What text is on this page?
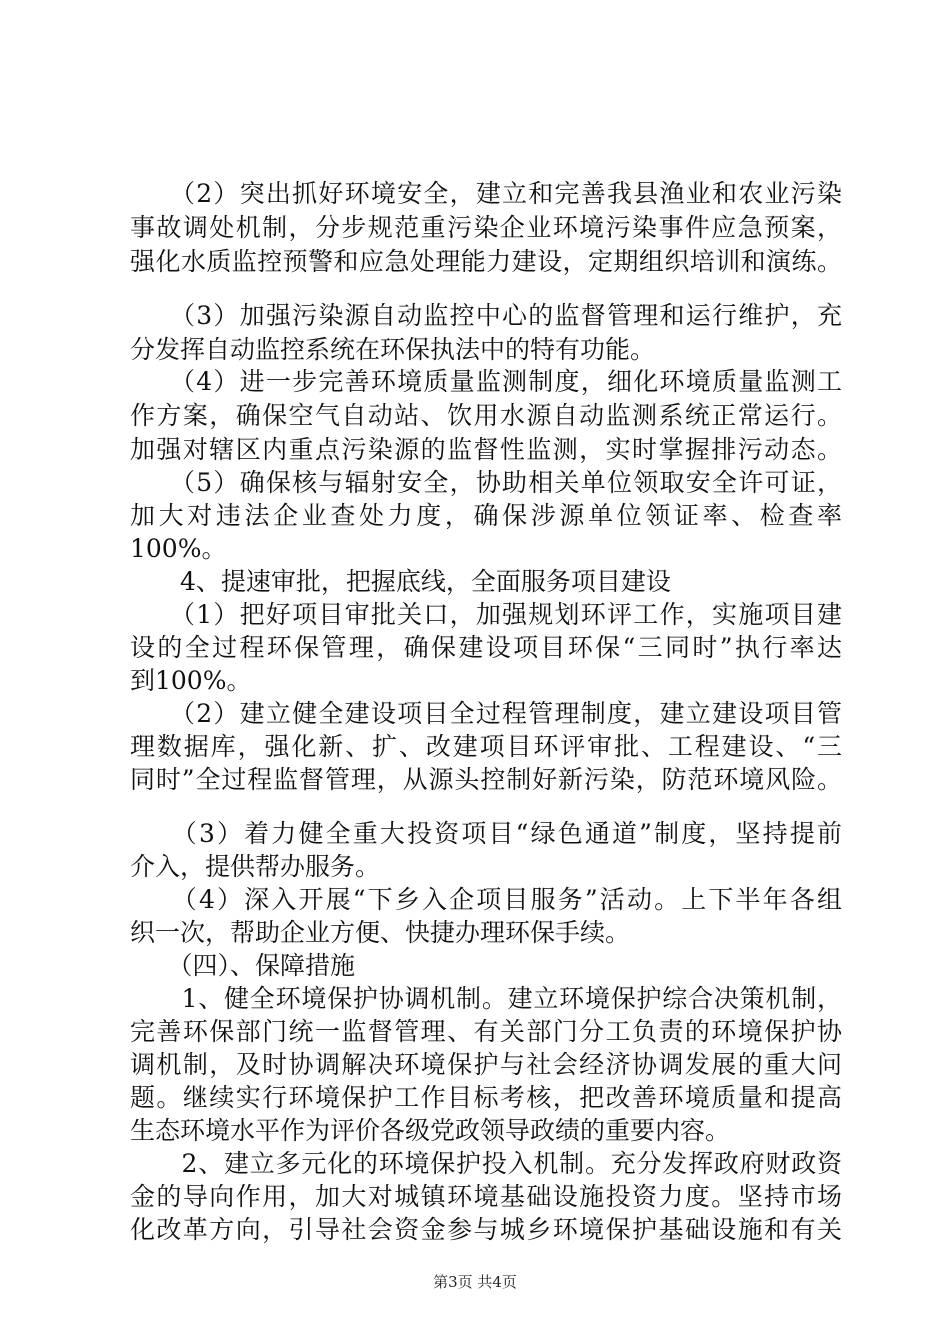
　　（2）突出抓好环境安全，建立和完善我县渔业和农业污染
事故调处机制，分步规范重污染企业环境污染事件应急预案，
强化水质监控预警和应急处理能力建设，定期组织培训和演练。
　　（3）加强污染源自动监控中心的监督管理和运行维护，充
分发挥自动监控系统在环保执法中的特有功能。
　　（4）进一步完善环境质量监测制度，细化环境质量监测工
作方案，确保空气自动站、饮用水源自动监测系统正常运行。
加强对辖区内重点污染源的监督性监测，实时掌握排污动态。
　　（5）确保核与辐射安全，协助相关单位领取安全许可证，
加大对违法企业查处力度，确保涉源单位领证率、检查率
100%。
　　4、提速审批，把握底线，全面服务项目建设
　　（1）把好项目审批关口，加强规划环评工作，实施项目建
设的全过程环保管理，确保建设项目环保“三同时”执行率达
到100%。
　　（2）建立健全建设项目全过程管理制度，建立建设项目管
理数据库，强化新、扩、改建项目环评审批、工程建设、“三
同时”全过程监督管理，从源头控制好新污染，防范环境风险。
　　（3）着力健全重大投资项目“绿色通道”制度，坚持提前
介入，提供帮办服务。
　　（4）深入开展“下乡入企项目服务”活动。上下半年各组
织一次，帮助企业方便、快捷办理环保手续。
　　（四）、保障措施
　　1、健全环境保护协调机制。建立环境保护综合决策机制，
完善环保部门统一监督管理、有关部门分工负责的环境保护协
调机制，及时协调解决环境保护与社会经济协调发展的重大问
题。继续实行环境保护工作目标考核，把改善环境质量和提高
生态环境水平作为评价各级党政领导政绩的重要内容。
　　2、建立多元化的环境保护投入机制。充分发挥政府财政资
金的导向作用，加大对城镇环境基础设施投资力度。坚持市场
化改革方向，引导社会资金参与城乡环境保护基础设施和有关
第3页 共4页
